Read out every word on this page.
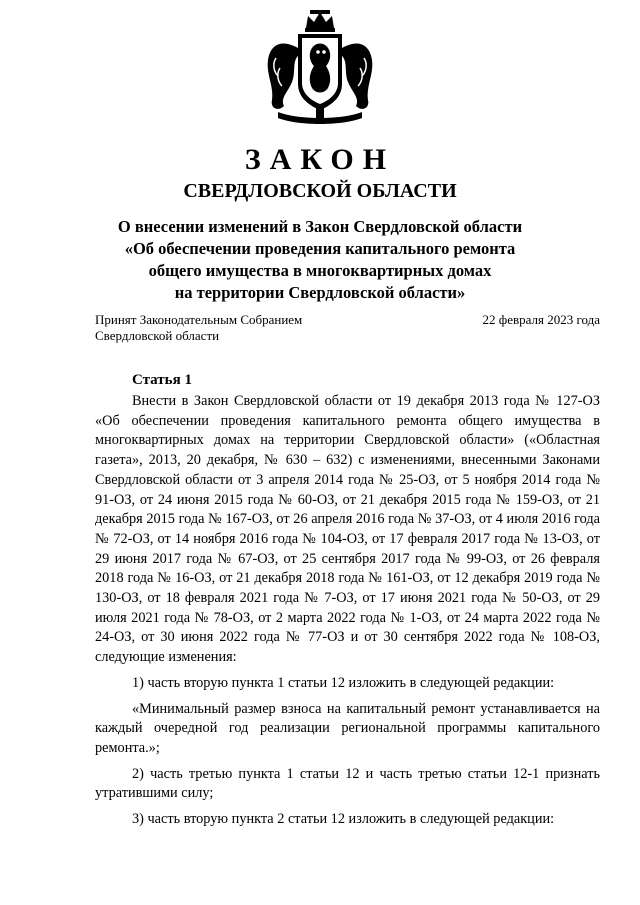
ЗАКОН
СВЕРДЛОВСКОЙ ОБЛАСТИ
О внесении изменений в Закон Свердловской области
«Об обеспечении проведения капитального ремонта
общего имущества в многоквартирных домах
на территории Свердловской области»
Принят Законодательным Собранием
Свердловской области
22 февраля 2023 года
Статья 1

Внести в Закон Свердловской области от 19 декабря 2013 года № 127-ОЗ «Об обеспечении проведения капитального ремонта общего имущества в многоквартирных домах на территории Свердловской области» («Областная газета», 2013, 20 декабря, № 630 – 632) с изменениями, внесенными Законами Свердловской области от 3 апреля 2014 года № 25-ОЗ, от 5 ноября 2014 года № 91-ОЗ, от 24 июня 2015 года № 60-ОЗ, от 21 декабря 2015 года № 159-ОЗ, от 21 декабря 2015 года № 167-ОЗ, от 26 апреля 2016 года № 37-ОЗ, от 4 июля 2016 года № 72-ОЗ, от 14 ноября 2016 года № 104-ОЗ, от 17 февраля 2017 года № 13-ОЗ, от 29 июня 2017 года № 67-ОЗ, от 25 сентября 2017 года № 99-ОЗ, от 26 февраля 2018 года № 16-ОЗ, от 21 декабря 2018 года № 161-ОЗ, от 12 декабря 2019 года № 130-ОЗ, от 18 февраля 2021 года № 7-ОЗ, от 17 июня 2021 года № 50-ОЗ, от 29 июля 2021 года № 78-ОЗ, от 2 марта 2022 года № 1-ОЗ, от 24 марта 2022 года № 24-ОЗ, от 30 июня 2022 года № 77-ОЗ и от 30 сентября 2022 года № 108-ОЗ, следующие изменения:

1) часть вторую пункта 1 статьи 12 изложить в следующей редакции:

«Минимальный размер взноса на капитальный ремонт устанавливается на каждый очередной год реализации региональной программы капитального ремонта.»;

2) часть третью пункта 1 статьи 12 и часть третью статьи 12-1 признать утратившими силу;

3) часть вторую пункта 2 статьи 12 изложить в следующей редакции:
